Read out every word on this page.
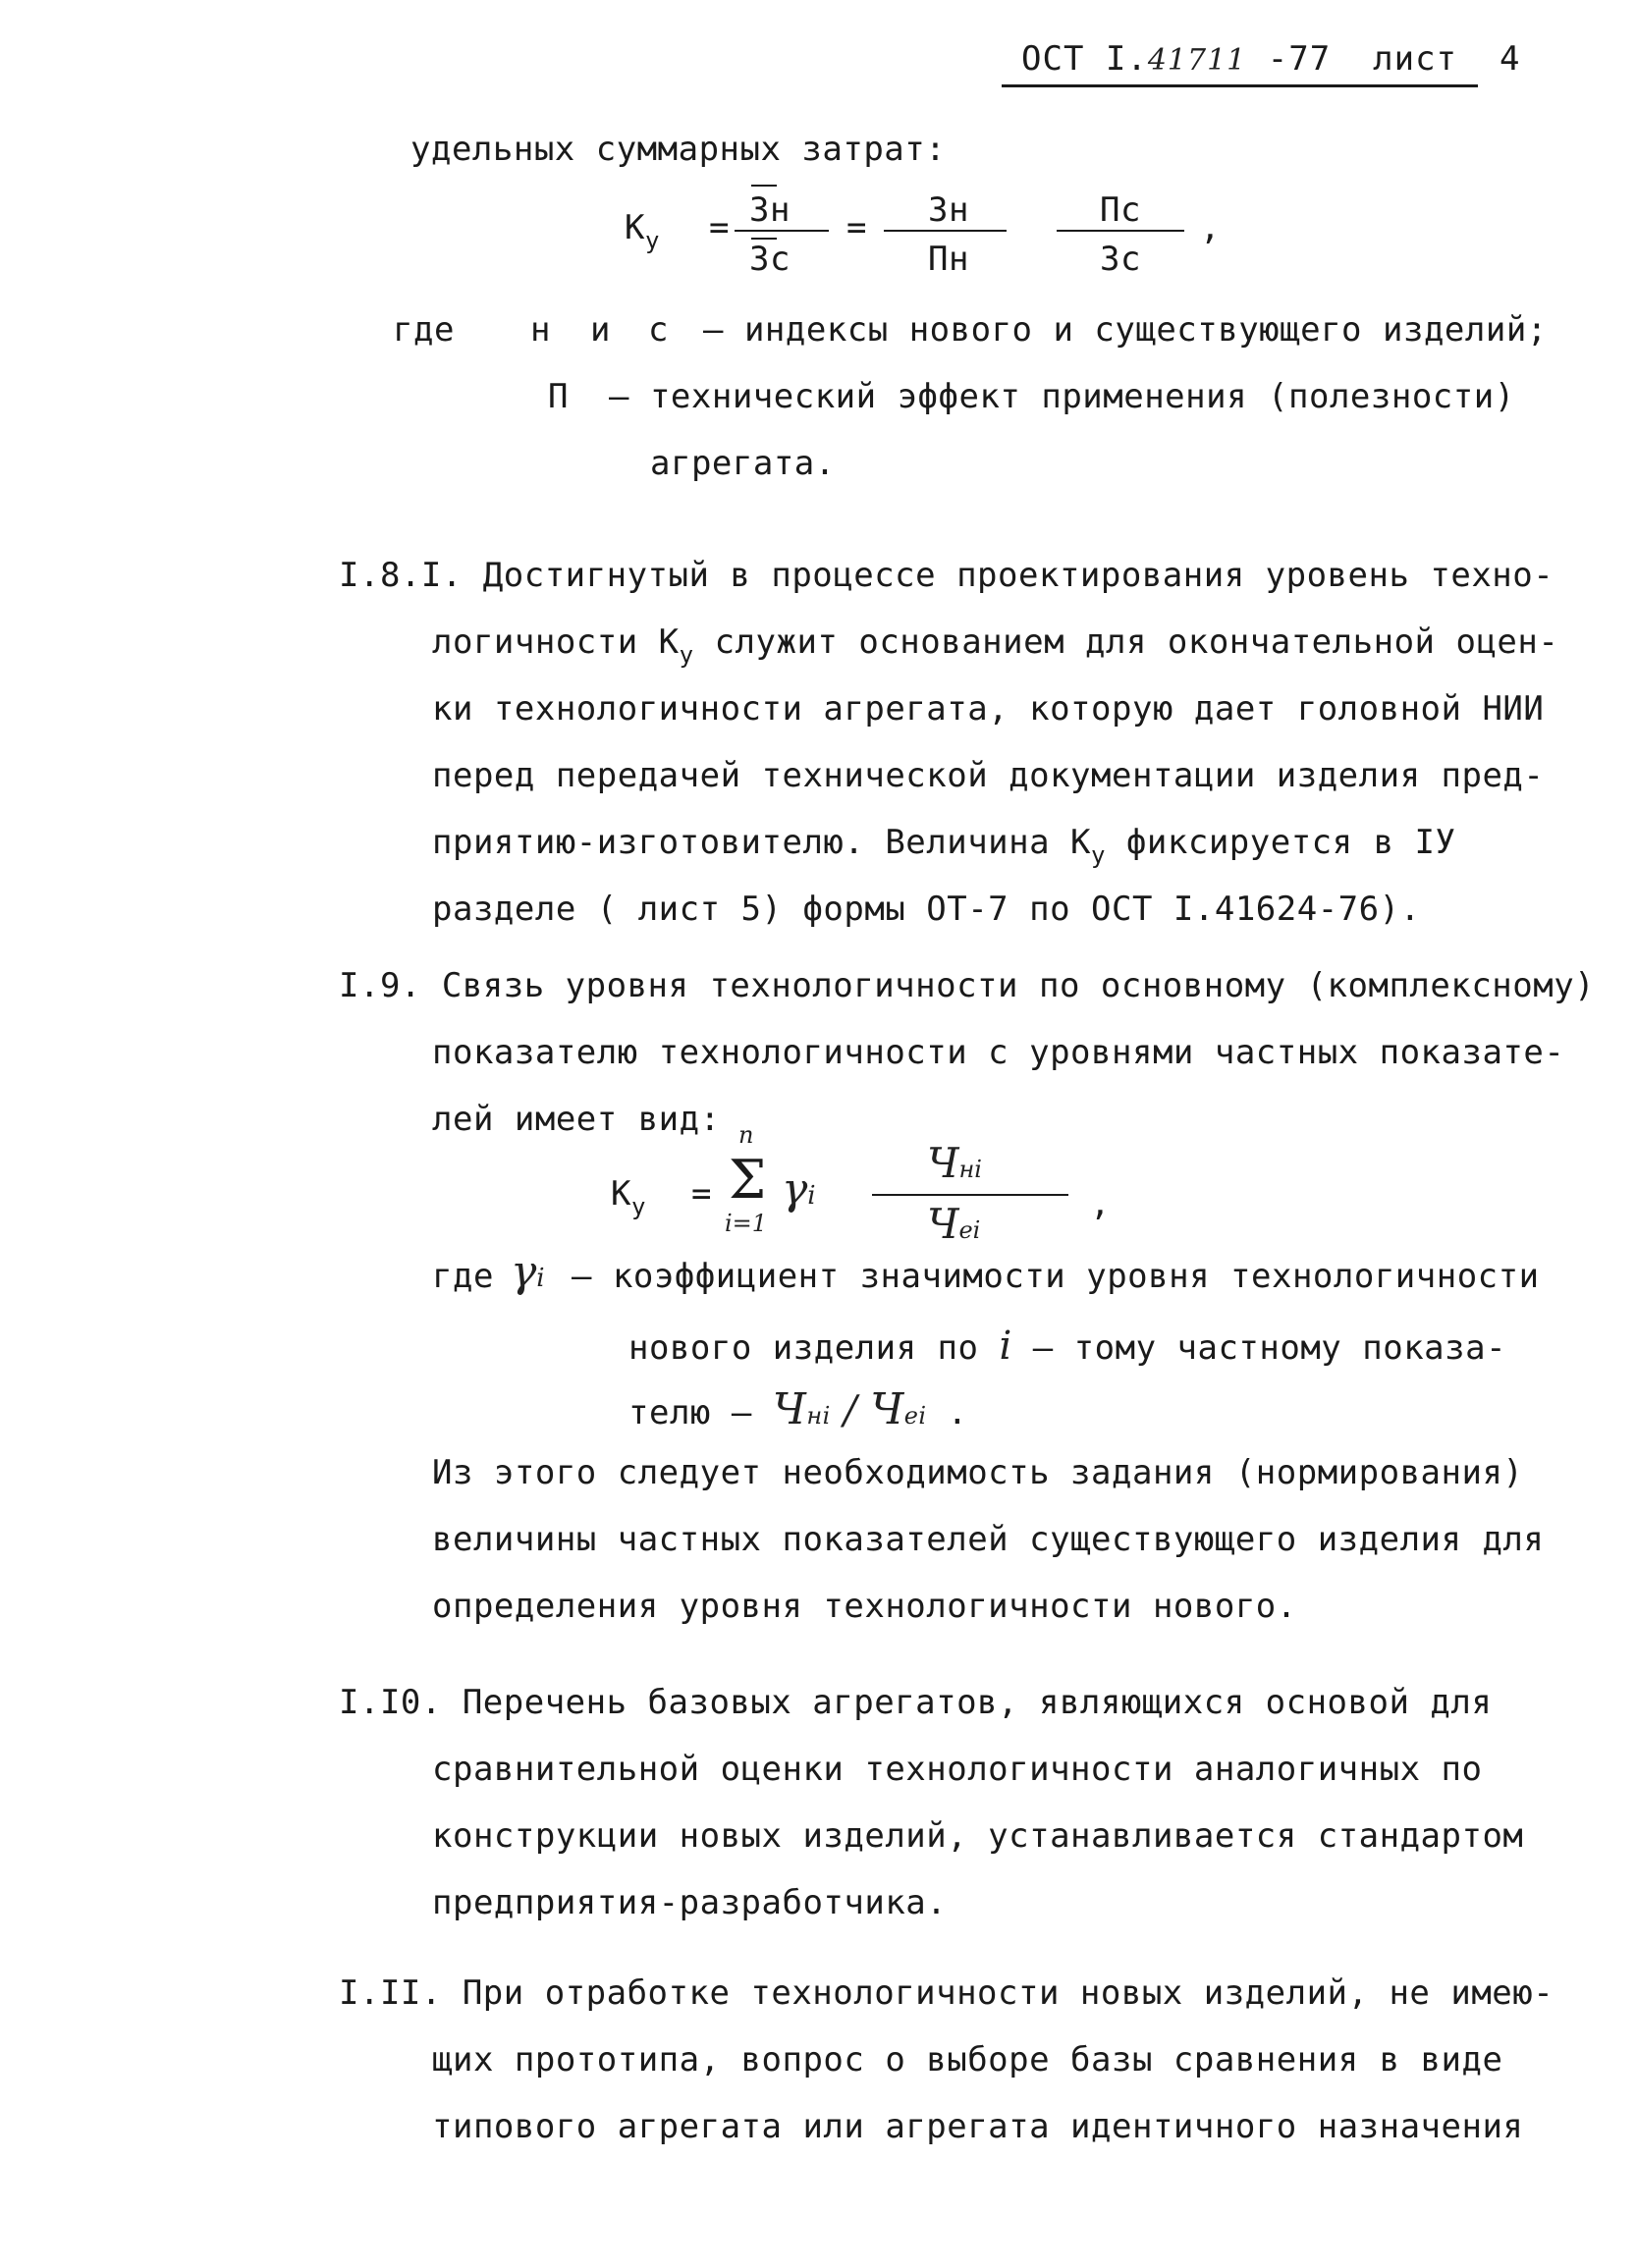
ОСТ I.41711 -77 лист 4
удельных суммарных затрат:
$К_у$ = Зн
Зс
= Зн
Пн
Пс
Зс
,
где н и с – индексы нового и существующего изделий;
П – технический эффект применения (полезности)
агрегата.
I.8.I. Достигнутый в процессе проектирования уровень техно-
логичности $К_у$ служит основанием для окончательной оцен-
ки технологичности агрегата, которую дает головной НИИ
перед передачей технической документации изделия пред-
приятию-изготовителю. Величина $К_у$ фиксируется в IУ
разделе ( лист 5) формы ОТ-7 по ОСТ I.41624-76).
I.9. Связь уровня технологичности по основному (комплексному)
показателю технологичности с уровнями частных показате-
лей имеет вид:
$К_у$ =
n
Σ
i=1
γi
Чнi
Чei
,
где γi – коэффициент значимости уровня технологичности
нового изделия по i – тому частному показа-
телю – Чнi / Чei .
Из этого следует необходимость задания (нормирования)
величины частных показателей существующего изделия для
определения уровня технологичности нового.
I.I0. Перечень базовых агрегатов, являющихся основой для
сравнительной оценки технологичности аналогичных по
конструкции новых изделий, устанавливается стандартом
предприятия-разработчика.
I.II. При отработке технологичности новых изделий, не имею-
щих прототипа, вопрос о выборе базы сравнения в виде
типового агрегата или агрегата идентичного назначения
